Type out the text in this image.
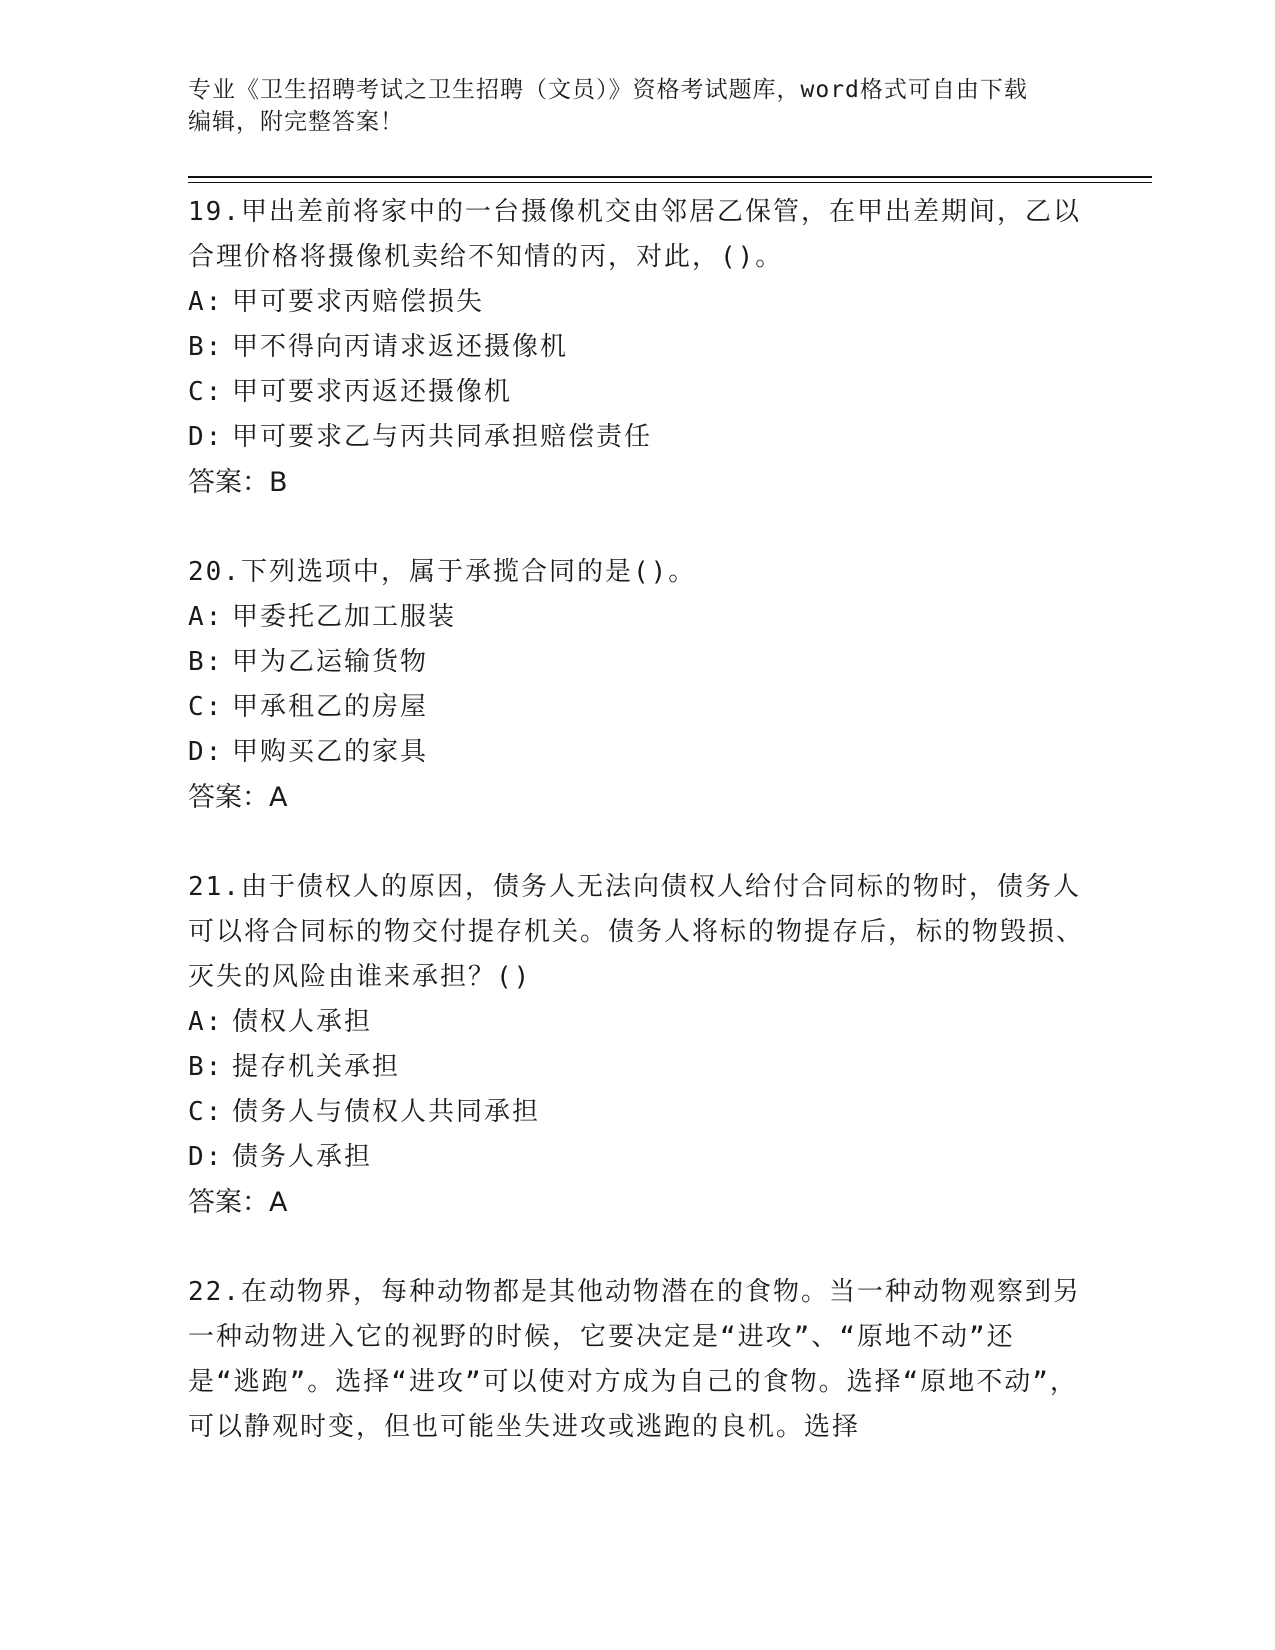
专业《卫生招聘考试之卫生招聘（文员）》资格考试题库，word格式可自由下载
编辑，附完整答案！

19.甲出差前将家中的一台摄像机交由邻居乙保管，在甲出差期间，乙以合理价格将摄像机卖给不知情的丙，对此，()。

A: 甲可要求丙赔偿损失
B: 甲不得向丙请求返还摄像机
C: 甲可要求丙返还摄像机
D: 甲可要求乙与丙共同承担赔偿责任
答案：B

20.下列选项中，属于承揽合同的是()。

A: 甲委托乙加工服装
B: 甲为乙运输货物
C: 甲承租乙的房屋
D: 甲购买乙的家具
答案：A

21.由于债权人的原因，债务人无法向债权人给付合同标的物时，债务人可以将合同标的物交付提存机关。债务人将标的物提存后，标的物毁损、灭失的风险由谁来承担？()

A: 债权人承担
B: 提存机关承担
C: 债务人与债权人共同承担
D: 债务人承担
答案：A

22.在动物界，每种动物都是其他动物潜在的食物。当一种动物观察到另一种动物进入它的视野的时候，它要决定是“进攻”、“原地不动”还是“逃跑”。选择“进攻”可以使对方成为自己的食物。选择“原地不动”，可以静观时变，但也可能坐失进攻或逃跑的良机。选择
